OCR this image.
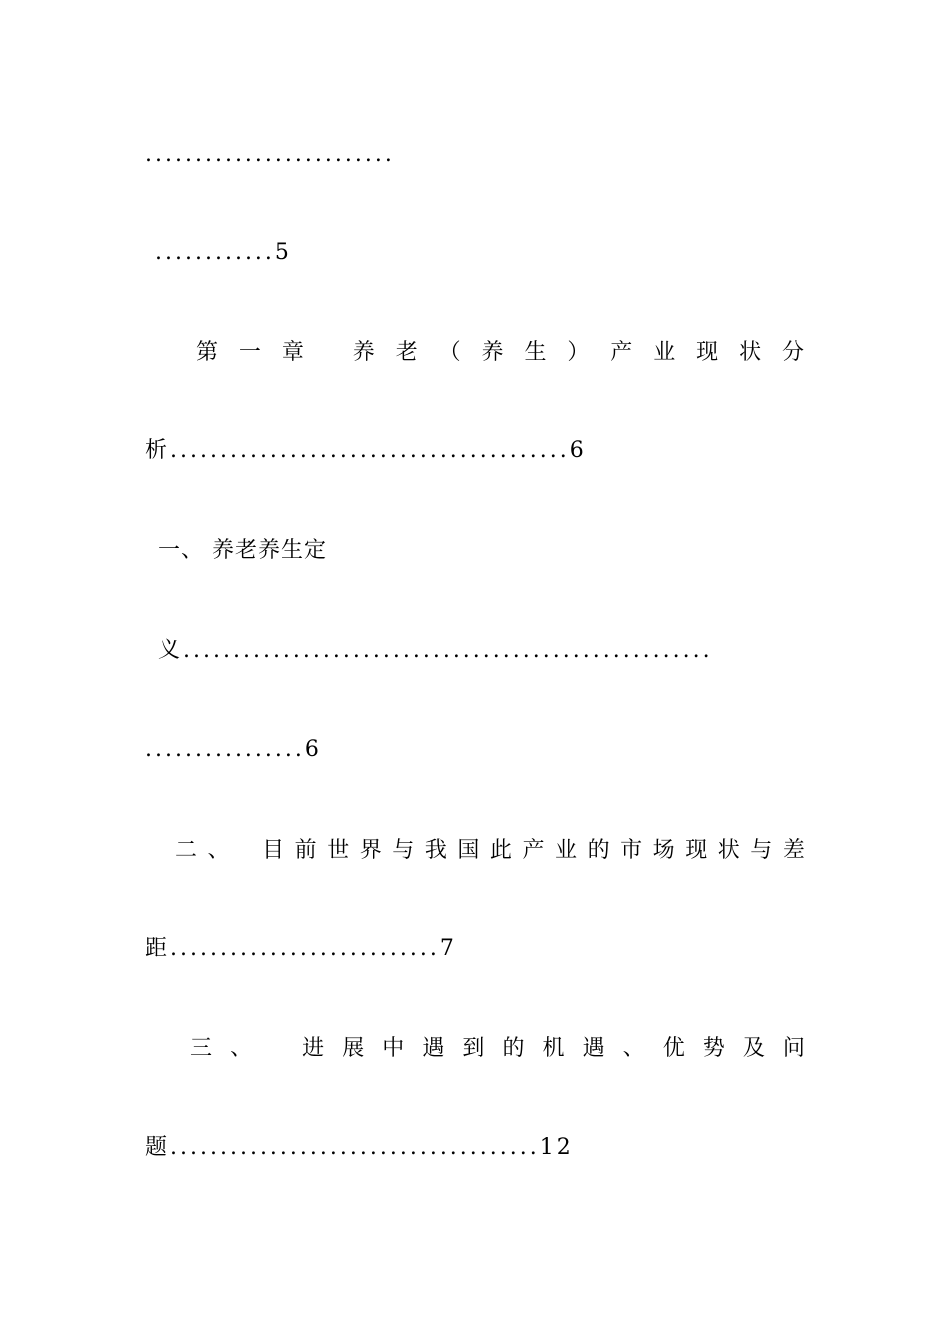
.........................
............5
第 一 章 养 老 （ 养 生 ） 产 业 现 状 分
析........................................6
一、 养老养生定
义.....................................................
................6
二 、 目 前 世 界 与 我 国 此 产 业 的 市 场 现 状 与 差
距...........................7
三 、 进 展 中 遇 到 的 机 遇 、 优 势 及 问
题.....................................12
